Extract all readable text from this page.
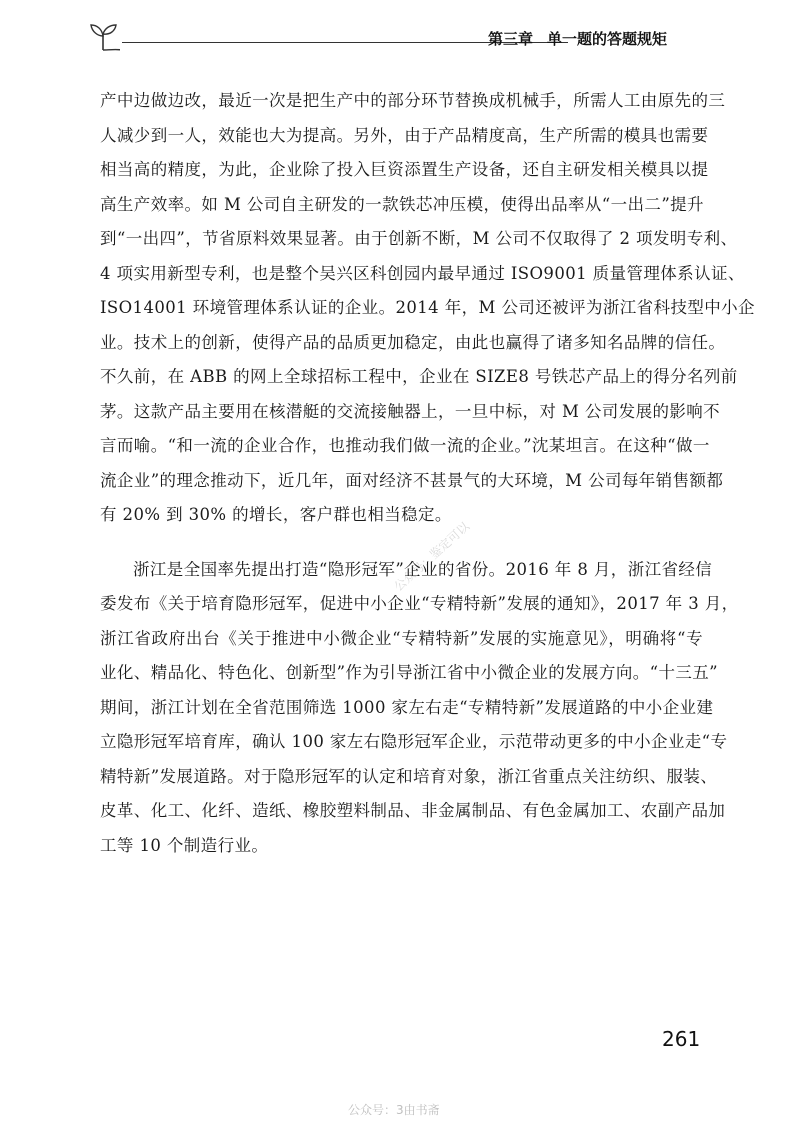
第三章 单一题的答题规矩
产中边做边改，最近一次是把生产中的部分环节替换成机械手，所需人工由原先的三
人减少到一人，效能也大为提高。另外，由于产品精度高，生产所需的模具也需要
相当高的精度，为此，企业除了投入巨资添置生产设备，还自主研发相关模具以提
高生产效率。如 M 公司自主研发的一款铁芯冲压模，使得出品率从“一出二”提升
到“一出四”，节省原料效果显著。由于创新不断，M 公司不仅取得了 2 项发明专利、
4 项实用新型专利，也是整个吴兴区科创园内最早通过 ISO9001 质量管理体系认证、
ISO14001 环境管理体系认证的企业。2014 年，M 公司还被评为浙江省科技型中小企
业。技术上的创新，使得产品的品质更加稳定，由此也赢得了诸多知名品牌的信任。
不久前，在 ABB 的网上全球招标工程中，企业在 SIZE8 号铁芯产品上的得分名列前
茅。这款产品主要用在核潜艇的交流接触器上，一旦中标，对 M 公司发展的影响不
言而喻。“和一流的企业合作，也推动我们做一流的企业。”沈某坦言。在这种“做一
流企业”的理念推动下，近几年，面对经济不甚景气的大环境，M 公司每年销售额都
有 20% 到 30% 的增长，客户群也相当稳定。
浙江是全国率先提出打造“隐形冠军”企业的省份。2016 年 8 月，浙江省经信
委发布《关于培育隐形冠军，促进中小企业“专精特新”发展的通知》，2017 年 3 月，
浙江省政府出台《关于推进中小微企业“专精特新”发展的实施意见》，明确将“专
业化、精品化、特色化、创新型”作为引导浙江省中小微企业的发展方向。“十三五”
期间，浙江计划在全省范围筛选 1000 家左右走“专精特新”发展道路的中小企业建
立隐形冠军培育库，确认 100 家左右隐形冠军企业，示范带动更多的中小企业走“专
精特新”发展道路。对于隐形冠军的认定和培育对象，浙江省重点关注纺织、服装、
皮革、化工、化纤、造纸、橡胶塑料制品、非金属制品、有色金属加工、农副产品加
工等 10 个制造行业。
公众号：鉴定可以
261
公众号：3由书斋
